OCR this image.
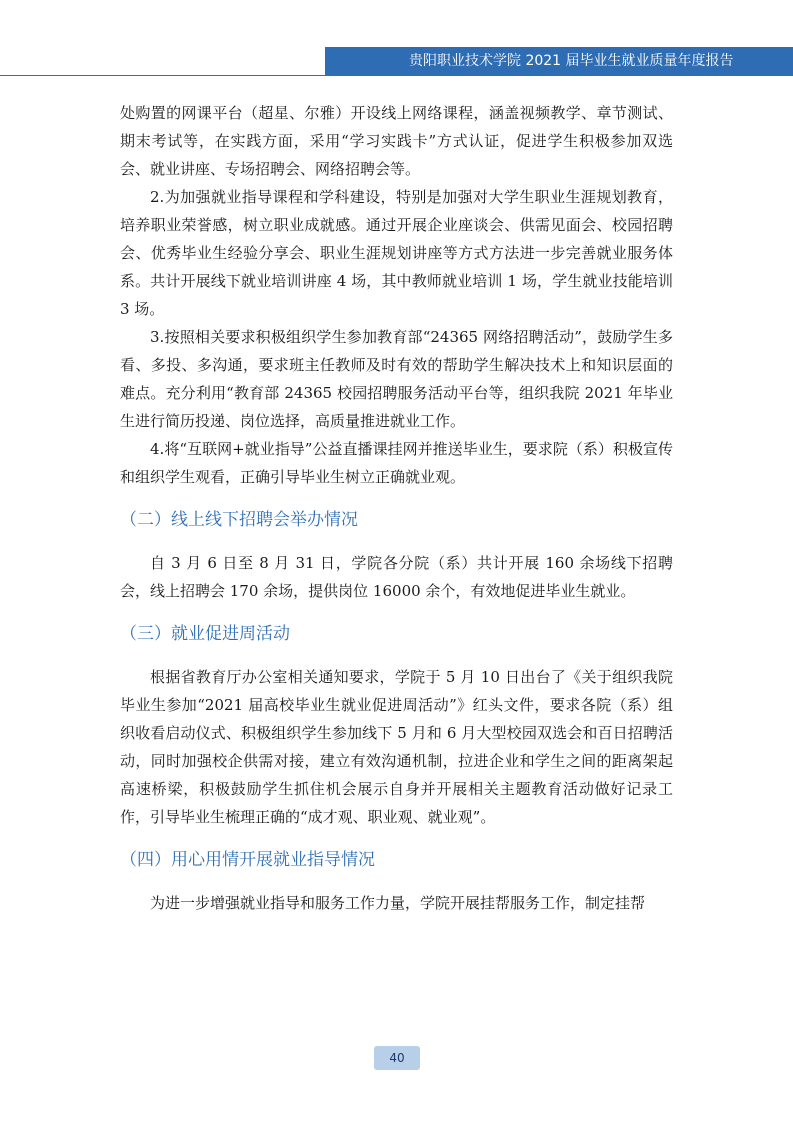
贵阳职业技术学院 2021 届毕业生就业质量年度报告

处购置的网课平台（超星、尔雅）开设线上网络课程，涵盖视频教学、章节测试、期末考试等，在实践方面，采用“学习实践卡”方式认证，促进学生积极参加双选会、就业讲座、专场招聘会、网络招聘会等。

2.为加强就业指导课程和学科建设，特别是加强对大学生职业生涯规划教育，培养职业荣誉感，树立职业成就感。通过开展企业座谈会、供需见面会、校园招聘会、优秀毕业生经验分享会、职业生涯规划讲座等方式方法进一步完善就业服务体系。共计开展线下就业培训讲座 4 场，其中教师就业培训 1 场，学生就业技能培训 3 场。

3.按照相关要求积极组织学生参加教育部“24365 网络招聘活动”，鼓励学生多看、多投、多沟通，要求班主任教师及时有效的帮助学生解决技术上和知识层面的难点。充分利用“教育部 24365 校园招聘服务活动平台等，组织我院 2021 年毕业生进行简历投递、岗位选择，高质量推进就业工作。

4.将“互联网+就业指导”公益直播课挂网并推送毕业生，要求院（系）积极宣传和组织学生观看，正确引导毕业生树立正确就业观。

（二）线上线下招聘会举办情况

自 3 月 6 日至 8 月 31 日，学院各分院（系）共计开展 160 余场线下招聘会，线上招聘会 170 余场，提供岗位 16000 余个，有效地促进毕业生就业。

（三）就业促进周活动

根据省教育厅办公室相关通知要求，学院于 5 月 10 日出台了《关于组织我院毕业生参加“2021 届高校毕业生就业促进周活动”》红头文件，要求各院（系）组织收看启动仪式、积极组织学生参加线下 5 月和 6 月大型校园双选会和百日招聘活动，同时加强校企供需对接，建立有效沟通机制，拉进企业和学生之间的距离架起高速桥梁，积极鼓励学生抓住机会展示自身并开展相关主题教育活动做好记录工作，引导毕业生梳理正确的“成才观、职业观、就业观”。

（四）用心用情开展就业指导情况

为进一步增强就业指导和服务工作力量，学院开展挂帮服务工作，制定挂帮

40
